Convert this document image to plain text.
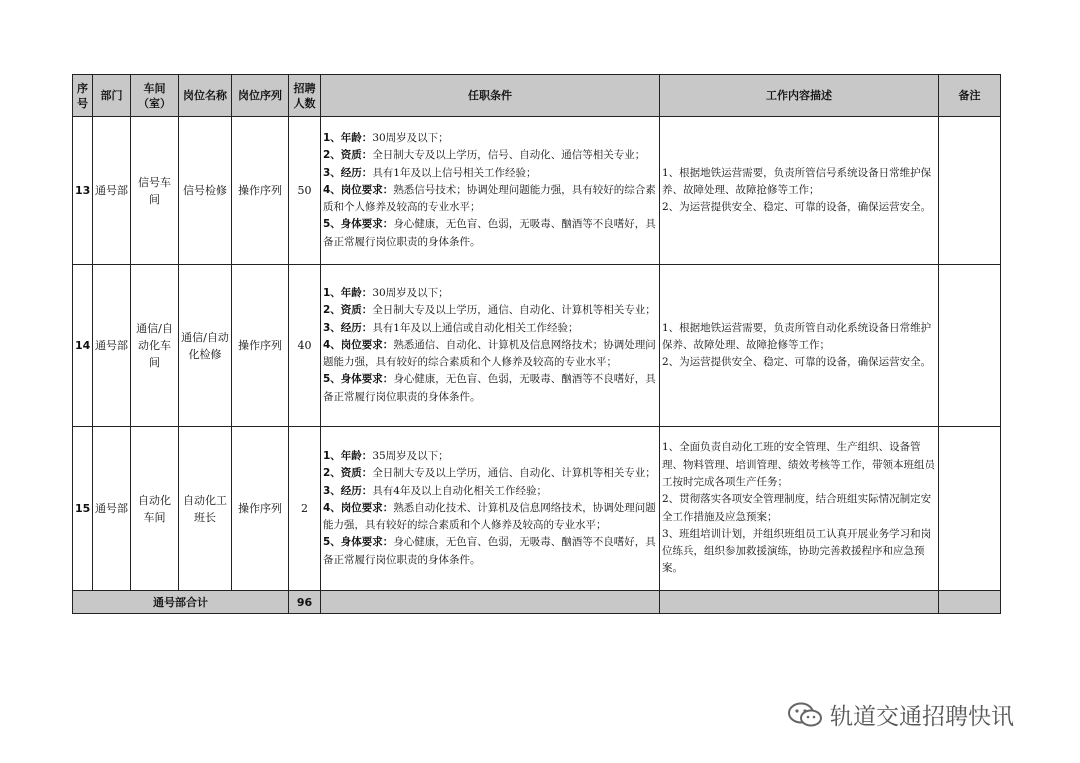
序号	部门	车间（室）	岗位名称	岗位序列	招聘人数	任职条件	工作内容描述	备注
13	通号部	信号车间	信号检修	操作序列	50	1、年龄：30周岁及以下；
2、资质：全日制大专及以上学历，信号、自动化、通信等相关专业；
3、经历：具有1年及以上信号相关工作经验；
4、岗位要求：熟悉信号技术；协调处理问题能力强，具有较好的综合素质和个人修养及较高的专业水平；
5、身体要求：身心健康，无色盲、色弱，无吸毒、酗酒等不良嗜好，具备正常履行岗位职责的身体条件。	1、根据地铁运营需要，负责所管信号系统设备日常维护保养、故障处理、故障抢修等工作；
2、为运营提供安全、稳定、可靠的设备，确保运营安全。	

14	通号部	通信/自动化车间	通信/自动化检修	操作序列	40	1、年龄：30周岁及以下；
2、资质：全日制大专及以上学历，通信、自动化、计算机等相关专业；
3、经历：具有1年及以上通信或自动化相关工作经验；
4、岗位要求：熟悉通信、自动化、计算机及信息网络技术；协调处理问题能力强，具有较好的综合素质和个人修养及较高的专业水平；
5、身体要求：身心健康，无色盲、色弱，无吸毒、酗酒等不良嗜好，具备正常履行岗位职责的身体条件。	1、根据地铁运营需要，负责所管自动化系统设备日常维护保养、故障处理、故障抢修等工作；
2、为运营提供安全、稳定、可靠的设备，确保运营安全。	

15	通号部	自动化车间	自动化工班长	操作序列	2	1、年龄：35周岁及以下；
2、资质：全日制大专及以上学历，通信、自动化、计算机等相关专业；
3、经历：具有4年及以上自动化相关工作经验；
4、岗位要求：熟悉自动化技术、计算机及信息网络技术，协调处理问题能力强，具有较好的综合素质和个人修养及较高的专业水平；
5、身体要求：身心健康，无色盲、色弱，无吸毒、酗酒等不良嗜好，具备正常履行岗位职责的身体条件。	1、全面负责自动化工班的安全管理、生产组织、设备管理、物料管理、培训管理、绩效考核等工作，带领本班组员工按时完成各项生产任务；
2、贯彻落实各项安全管理制度，结合班组实际情况制定安全工作措施及应急预案；
3、班组培训计划，并组织班组员工认真开展业务学习和岗位练兵，组织参加救援演练，协助完善救援程序和应急预案。	

通号部合计					96			
轨道交通招聘快讯
